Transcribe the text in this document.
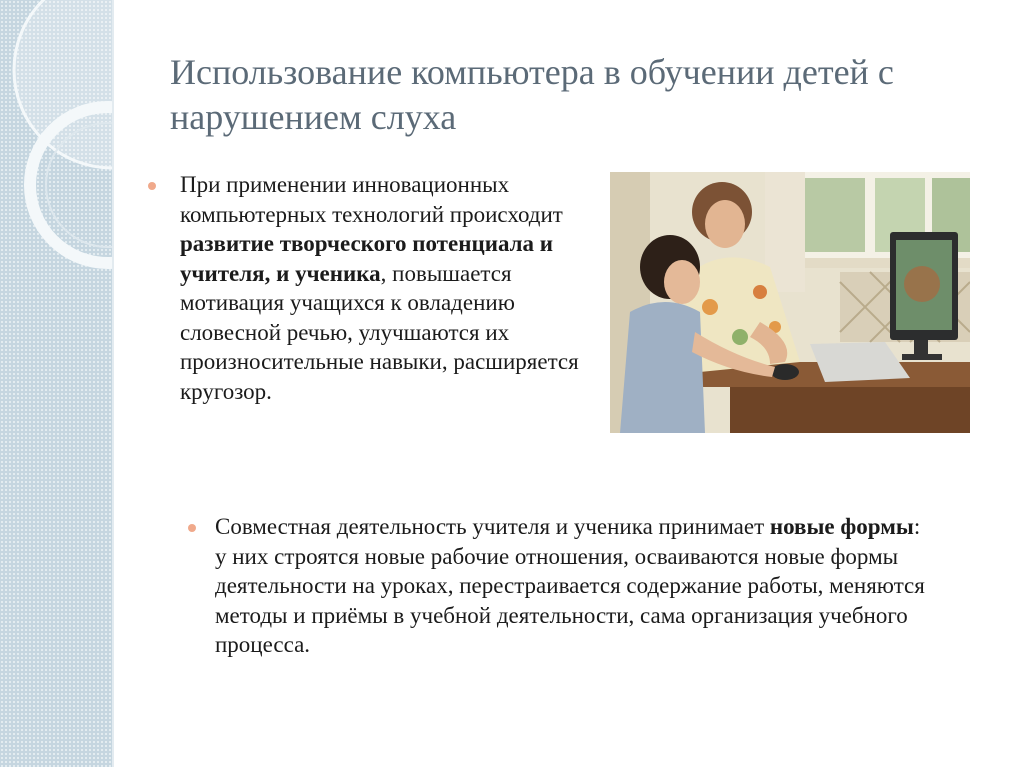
Использование компьютера в обучении детей с нарушением слуха

При применении инновационных компьютерных технологий происходит развитие творческого потенциала и учителя, и ученика, повышается мотивация учащихся к овладению словесной речью, улучшаются их произносительные навыки, расширяется кругозор.

Совместная деятельность учителя и ученика принимает новые формы: у них строятся новые рабочие отношения, осваиваются новые формы деятельности на уроках, перестраивается содержание работы, меняются методы и приёмы в учебной деятельности, сама организация учебного процесса.
